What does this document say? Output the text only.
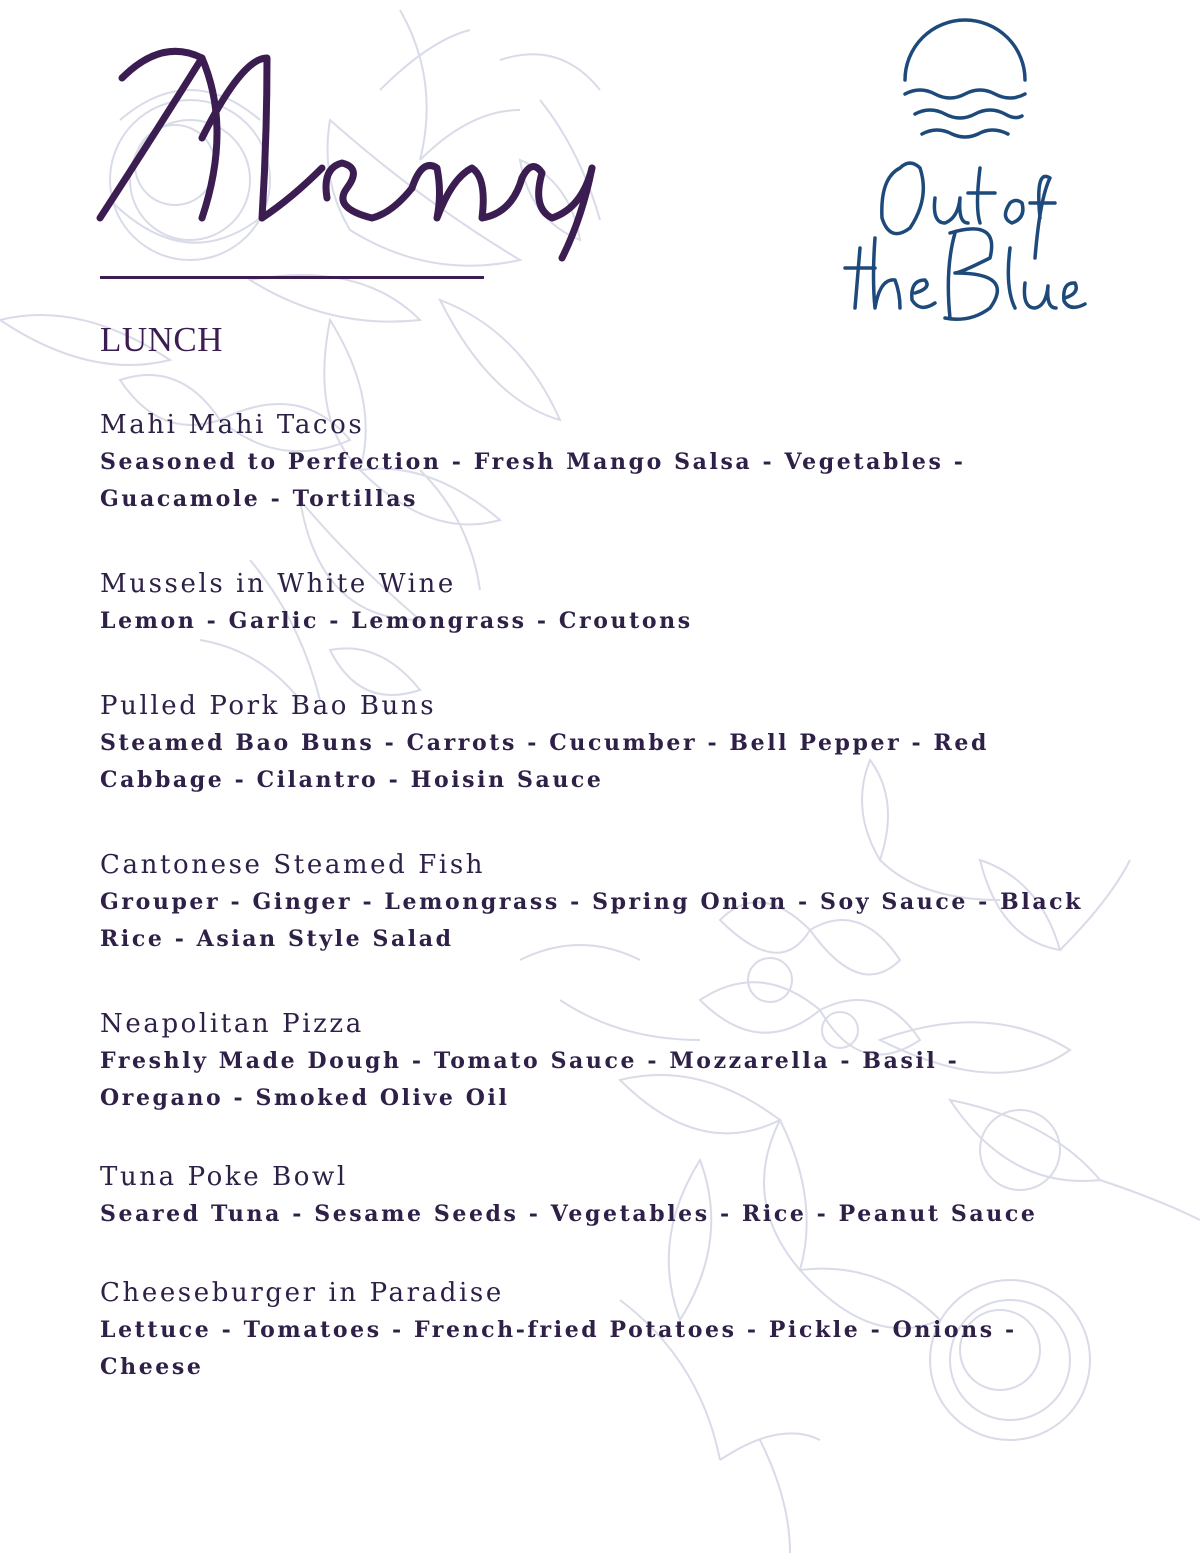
LUNCH
Mahi Mahi Tacos
Seasoned to Perfection - Fresh Mango Salsa - Vegetables - Guacamole - Tortillas
Mussels in White Wine
Lemon - Garlic - Lemongrass - Croutons
Pulled Pork Bao Buns
Steamed Bao Buns - Carrots - Cucumber - Bell Pepper - Red Cabbage - Cilantro - Hoisin Sauce
Cantonese Steamed Fish
Grouper - Ginger - Lemongrass - Spring Onion - Soy Sauce - Black Rice - Asian Style Salad
Neapolitan Pizza
Freshly Made Dough - Tomato Sauce - Mozzarella - Basil - Oregano - Smoked Olive Oil
Tuna Poke Bowl
Seared Tuna - Sesame Seeds - Vegetables - Rice - Peanut Sauce
Cheeseburger in Paradise
Lettuce - Tomatoes - French-fried Potatoes - Pickle - Onions - Cheese
